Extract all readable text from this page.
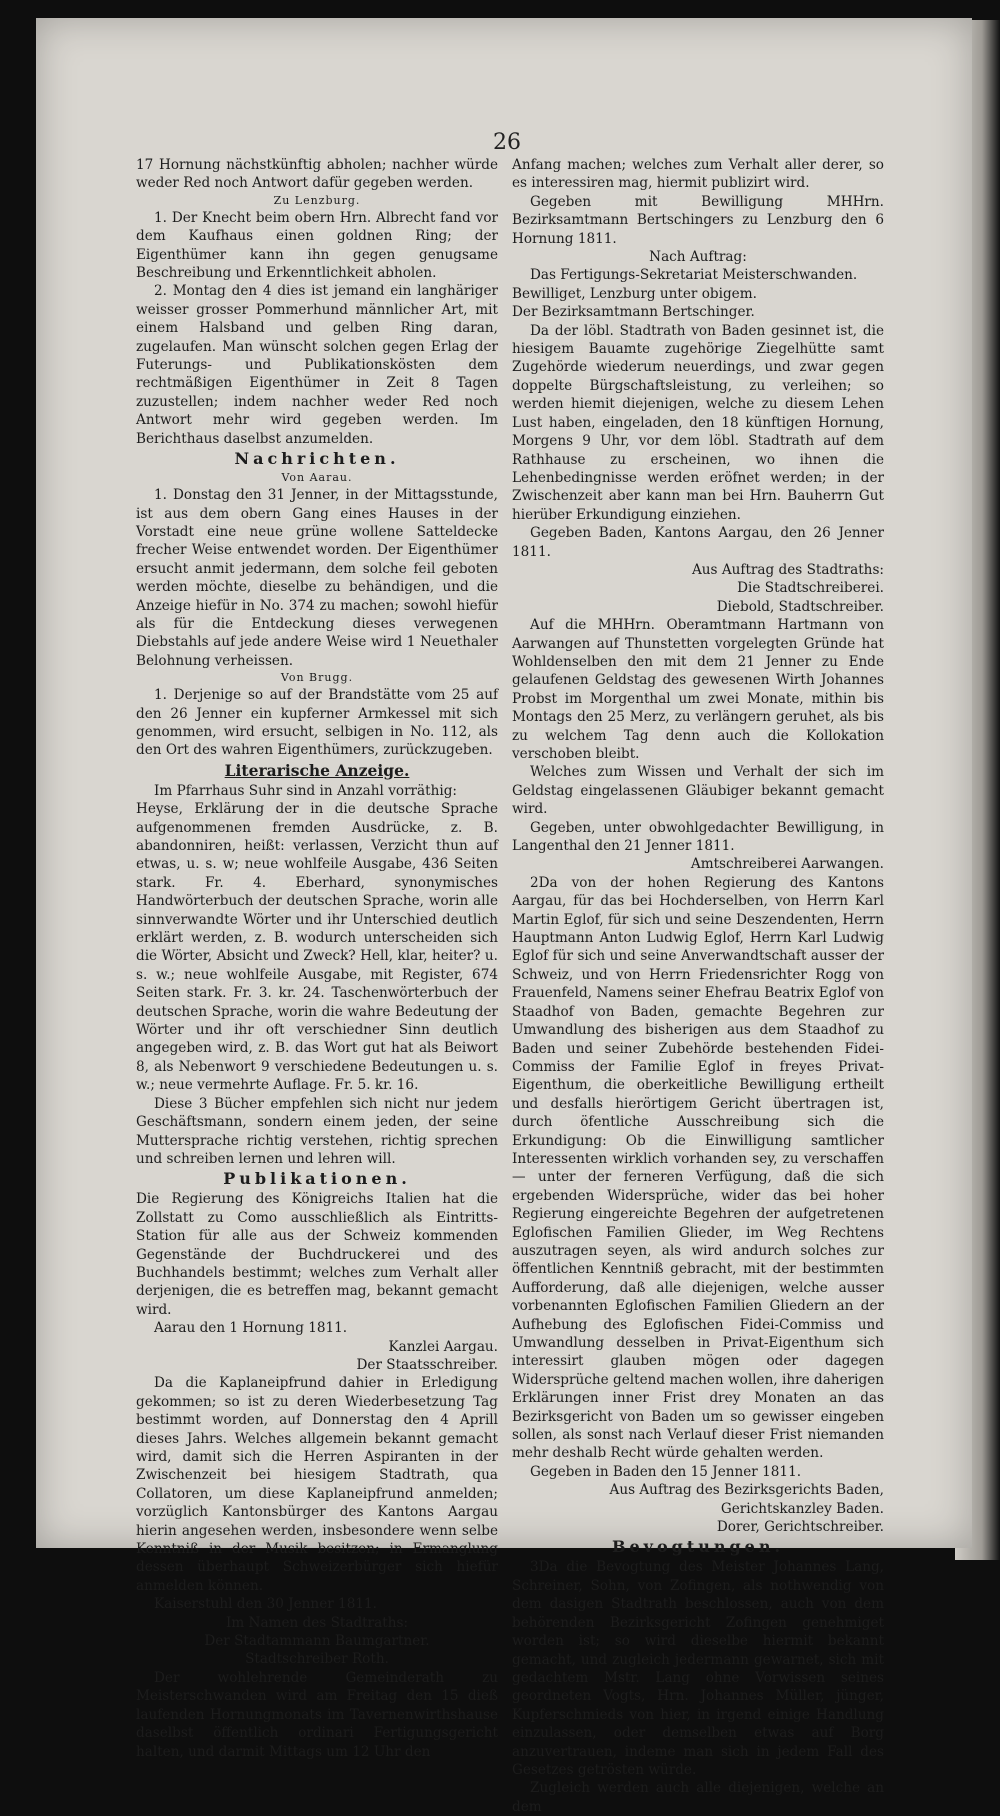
26

17 Hornung nächstkünftig abholen; nachher würde weder Red noch Antwort dafür gegeben werden.

Zu Lenzburg.

1. Der Knecht beim obern Hrn. Albrecht fand vor dem Kaufhaus einen goldnen Ring; der Eigenthümer kann ihn gegen genugsame Beschreibung und Erkenntlichkeit abholen.

2. Montag den 4 dies ist jemand ein langhäriger weisser grosser Pommerhund männlicher Art, mit einem Halsband und gelben Ring daran, zugelaufen. Man wünscht solchen gegen Erlag der Futerungs- und Publikationskösten dem rechtmäßigen Eigenthümer in Zeit 8 Tagen zuzustellen; indem nachher weder Red noch Antwort mehr wird gegeben werden. Im Berichthaus daselbst anzumelden.

Nachrichten.

Von Aarau.

1. Donstag den 31 Jenner, in der Mittagsstunde, ist aus dem obern Gang eines Hauses in der Vorstadt eine neue grüne wollene Satteldecke frecher Weise entwendet worden. Der Eigenthümer ersucht anmit jedermann, dem solche feil geboten werden möchte, dieselbe zu behändigen, und die Anzeige hiefür in No. 374 zu machen; sowohl hiefür als für die Entdeckung dieses verwegenen Diebstahls auf jede andere Weise wird 1 Neuethaler Belohnung verheissen.

Von Brugg.

1. Derjenige so auf der Brandstätte vom 25 auf den 26 Jenner ein kupferner Armkessel mit sich genommen, wird ersucht, selbigen in No. 112, als den Ort des wahren Eigenthümers, zurückzugeben.

Literarische Anzeige.

Im Pfarrhaus Suhr sind in Anzahl vorräthig:

Heyse, Erklärung der in die deutsche Sprache aufgenommenen fremden Ausdrücke, z. B. abandonniren, heißt: verlassen, Verzicht thun auf etwas, u. s. w; neue wohlfeile Ausgabe, 436 Seiten stark. Fr. 4. Eberhard, synonymisches Handwörterbuch der deutschen Sprache, worin alle sinnverwandte Wörter und ihr Unterschied deutlich erklärt werden, z. B. wodurch unterscheiden sich die Wörter, Absicht und Zweck? Hell, klar, heiter? u. s. w.; neue wohlfeile Ausgabe, mit Register, 674 Seiten stark. Fr. 3. kr. 24. Taschenwörterbuch der deutschen Sprache, worin die wahre Bedeutung der Wörter und ihr oft verschiedner Sinn deutlich angegeben wird, z. B. das Wort gut hat als Beiwort 8, als Nebenwort 9 verschiedene Bedeutungen u. s. w.; neue vermehrte Auflage. Fr. 5. kr. 16.

Diese 3 Bücher empfehlen sich nicht nur jedem Geschäftsmann, sondern einem jeden, der seine Muttersprache richtig verstehen, richtig sprechen und schreiben lernen und lehren will.

Publikationen.

Die Regierung des Königreichs Italien hat die Zollstatt zu Como ausschließlich als Eintritts-Station für alle aus der Schweiz kommenden Gegenstände der Buchdruckerei und des Buchhandels bestimmt; welches zum Verhalt aller derjenigen, die es betreffen mag, bekannt gemacht wird.

Aarau den 1 Hornung 1811.

Kanzlei Aargau.

Der Staatsschreiber.

Da die Kaplaneipfrund dahier in Erledigung gekommen; so ist zu deren Wiederbesetzung Tag bestimmt worden, auf Donnerstag den 4 Aprill dieses Jahrs. Welches allgemein bekannt gemacht wird, damit sich die Herren Aspiranten in der Zwischenzeit bei hiesigem Stadtrath, qua Collatoren, um diese Kaplaneipfrund anmelden; vorzüglich Kantonsbürger des Kantons Aargau hierin angesehen werden, insbesondere wenn selbe Kenntniß in der Musik besitzen; in Ermanglung dessen überhaupt Schweizerbürger sich hiefür anmelden können.

Kaiserstuhl den 30 Jenner 1811.

Im Namen des Stadtraths:

Der Stadtammann Baumgartner.

Stadtschreiber Roth.

Der wohlehrende Gemeinderath zu Meisterschwanden wird am Freitag den 15 dieß laufenden Hornungmonats im Tavernenwirthshause daselbst öffentlich ordinari Fertigungsgericht halten, und darmit Mittags um 12 Uhr den

Anfang machen; welches zum Verhalt aller derer, so es interessiren mag, hiermit publizirt wird.

Gegeben mit Bewilligung MHHrn. Bezirksamtmann Bertschingers zu Lenzburg den 6 Hornung 1811.

Nach Auftrag:

Das Fertigungs-Sekretariat Meisterschwanden.

Bewilliget, Lenzburg unter obigem.

Der Bezirksamtmann Bertschinger.

Da der löbl. Stadtrath von Baden gesinnet ist, die hiesigem Bauamte zugehörige Ziegelhütte samt Zugehörde wiederum neuerdings, und zwar gegen doppelte Bürgschaftsleistung, zu verleihen; so werden hiemit diejenigen, welche zu diesem Lehen Lust haben, eingeladen, den 18 künftigen Hornung, Morgens 9 Uhr, vor dem löbl. Stadtrath auf dem Rathhause zu erscheinen, wo ihnen die Lehenbedingnisse werden eröfnet werden; in der Zwischenzeit aber kann man bei Hrn. Bauherrn Gut hierüber Erkundigung einziehen.

Gegeben Baden, Kantons Aargau, den 26 Jenner 1811.

Aus Auftrag des Stadtraths:

Die Stadtschreiberei.

Diebold, Stadtschreiber.

Auf die MHHrn. Oberamtmann Hartmann von Aarwangen auf Thunstetten vorgelegten Gründe hat Wohldenselben den mit dem 21 Jenner zu Ende gelaufenen Geldstag des gewesenen Wirth Johannes Probst im Morgenthal um zwei Monate, mithin bis Montags den 25 Merz, zu verlängern geruhet, als bis zu welchem Tag denn auch die Kollokation verschoben bleibt.

Welches zum Wissen und Verhalt der sich im Geldstag eingelassenen Gläubiger bekannt gemacht wird.

Gegeben, unter obwohlgedachter Bewilligung, in Langenthal den 21 Jenner 1811.

Amtschreiberei Aarwangen.

2Da von der hohen Regierung des Kantons Aargau, für das bei Hochderselben, von Herrn Karl Martin Eglof, für sich und seine Deszendenten, Herrn Hauptmann Anton Ludwig Eglof, Herrn Karl Ludwig Eglof für sich und seine Anverwandtschaft ausser der Schweiz, und von Herrn Friedensrichter Rogg von Frauenfeld, Namens seiner Ehefrau Beatrix Eglof von Staadhof von Baden, gemachte Begehren zur Umwandlung des bisherigen aus dem Staadhof zu Baden und seiner Zubehörde bestehenden Fidei-Commiss der Familie Eglof in freyes Privat-Eigenthum, die oberkeitliche Bewilligung ertheilt und desfalls hierörtigem Gericht übertragen ist, durch öfentliche Ausschreibung sich die Erkundigung: Ob die Einwilligung samtlicher Interessenten wirklich vorhanden sey, zu verschaffen — unter der ferneren Verfügung, daß die sich ergebenden Widersprüche, wider das bei hoher Regierung eingereichte Begehren der aufgetretenen Eglofischen Familien Glieder, im Weg Rechtens auszutragen seyen, als wird andurch solches zur öffentlichen Kenntniß gebracht, mit der bestimmten Aufforderung, daß alle diejenigen, welche ausser vorbenannten Eglofischen Familien Gliedern an der Aufhebung des Eglofischen Fidei-Commiss und Umwandlung desselben in Privat-Eigenthum sich interessirt glauben mögen oder dagegen Widersprüche geltend machen wollen, ihre daherigen Erklärungen inner Frist drey Monaten an das Bezirksgericht von Baden um so gewisser eingeben sollen, als sonst nach Verlauf dieser Frist niemanden mehr deshalb Recht würde gehalten werden.

Gegeben in Baden den 15 Jenner 1811.

Aus Auftrag des Bezirksgerichts Baden,

Gerichtskanzley Baden.

Dorer, Gerichtschreiber.

Bevogtungen.

3Da die Bevogtung des Meister Johannes Lang, Schreiner, Sohn, von Zofingen, als nothwendig von dem dasigen Stadtrath beschlossen, auch von dem behörenden Bezirksgericht Zofingen genehmiget worden ist; so wird dieselbe hiermit bekannt gemacht, und zugleich jedermann gewarnet, sich mit gedachtem Mstr. Lang ohne Vorwissen seines geordneten Vogts, Hrn. Johannes Müller, jünger, Kupferschmieds von hier, in irgend einige Handlung einzulassen, oder demselben etwas auf Borg anzuvertrauen, indeme man sich in jedem Fall des Gesetzes getrösten würde.

Zugleich werden auch alle diejenigen, welche an dem
